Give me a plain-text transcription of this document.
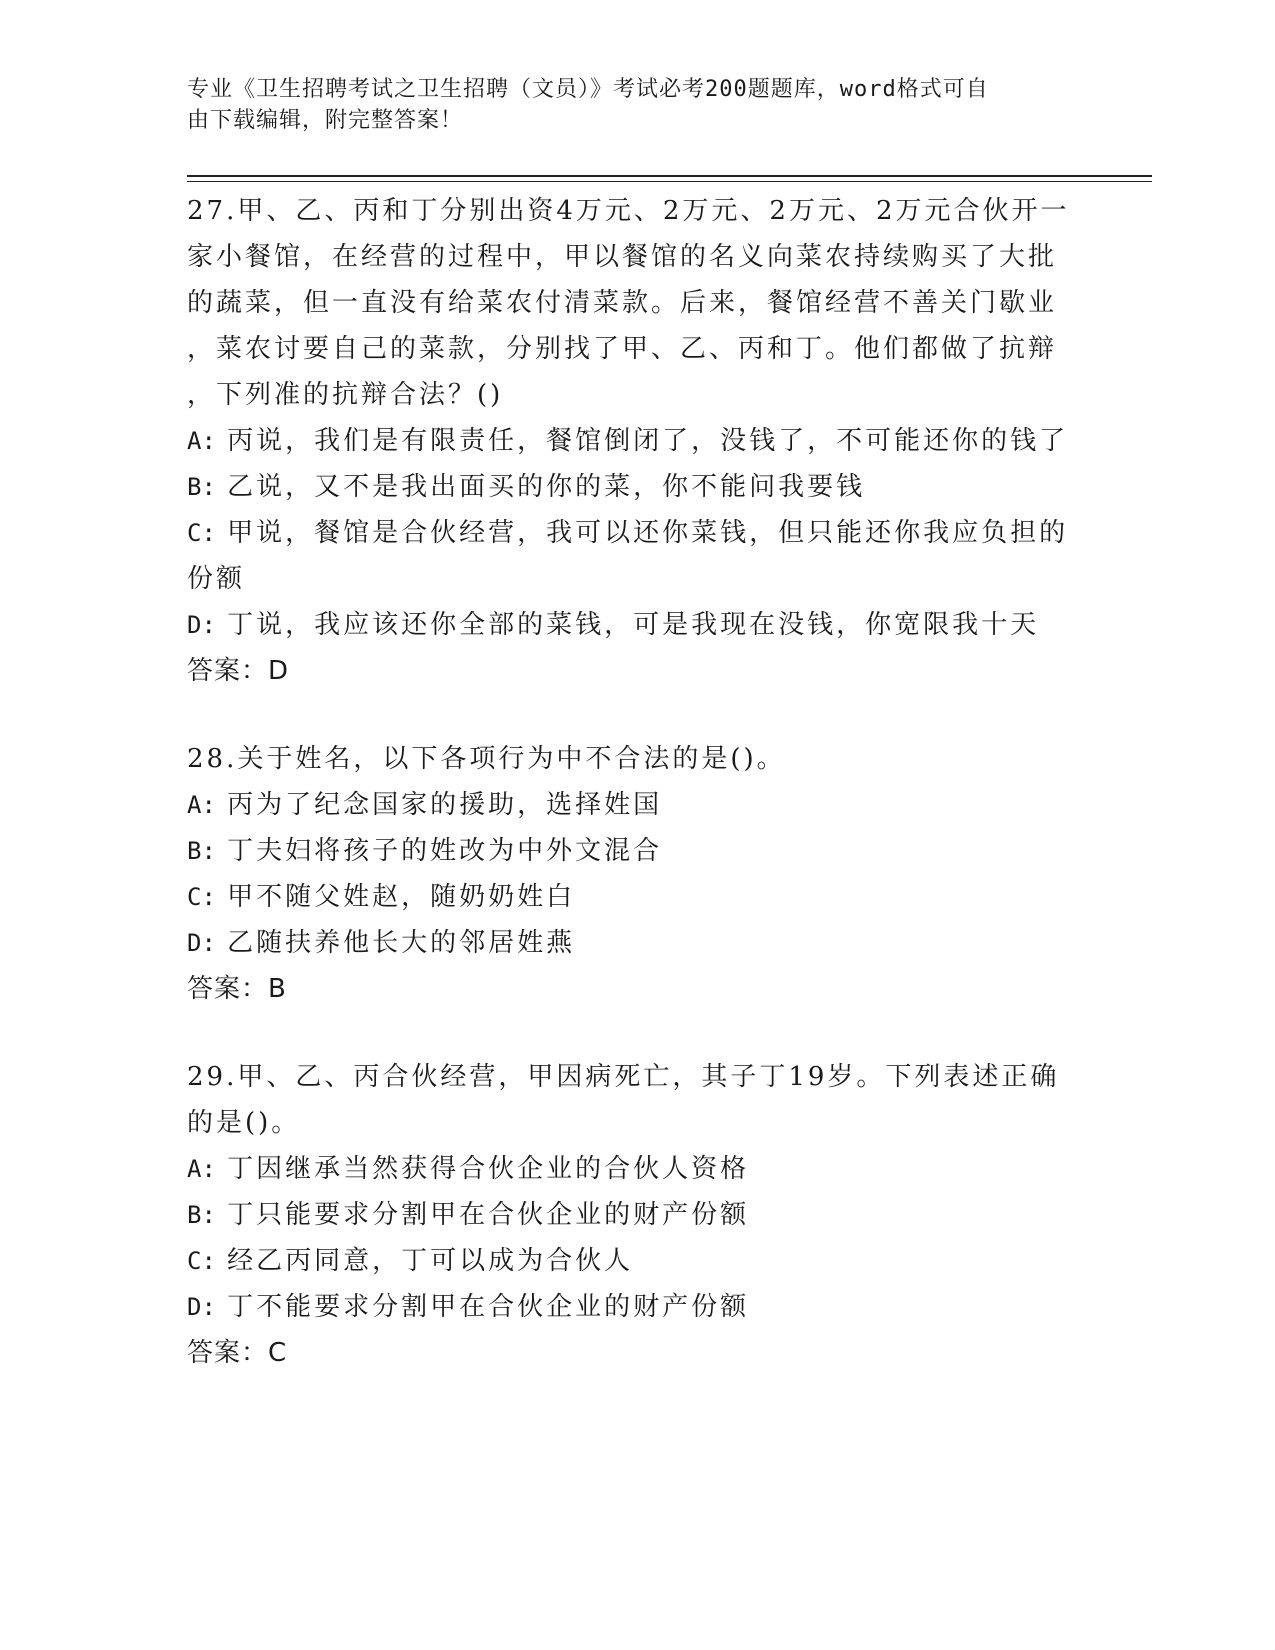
专业《卫生招聘考试之卫生招聘（文员）》考试必考200题题库，word格式可自
由下载编辑，附完整答案！

27.甲、乙、丙和丁分别出资4万元、2万元、2万元、2万元合伙开一

家小餐馆，在经营的过程中，甲以餐馆的名义向菜农持续购买了大批

的蔬菜，但一直没有给菜农付清菜款。后来，餐馆经营不善关门歇业

，菜农讨要自己的菜款，分别找了甲、乙、丙和丁。他们都做了抗辩

，下列准的抗辩合法？()

A: 丙说，我们是有限责任，餐馆倒闭了，没钱了，不可能还你的钱了

B: 乙说，又不是我出面买的你的菜，你不能问我要钱

C: 甲说，餐馆是合伙经营，我可以还你菜钱，但只能还你我应负担的

份额

D: 丁说，我应该还你全部的菜钱，可是我现在没钱，你宽限我十天

答案：D

28.关于姓名，以下各项行为中不合法的是()。

A: 丙为了纪念国家的援助，选择姓国

B: 丁夫妇将孩子的姓改为中外文混合

C: 甲不随父姓赵，随奶奶姓白

D: 乙随扶养他长大的邻居姓燕

答案：B

29.甲、乙、丙合伙经营，甲因病死亡，其子丁19岁。下列表述正确

的是()。

A: 丁因继承当然获得合伙企业的合伙人资格

B: 丁只能要求分割甲在合伙企业的财产份额

C: 经乙丙同意，丁可以成为合伙人

D: 丁不能要求分割甲在合伙企业的财产份额

答案：C
